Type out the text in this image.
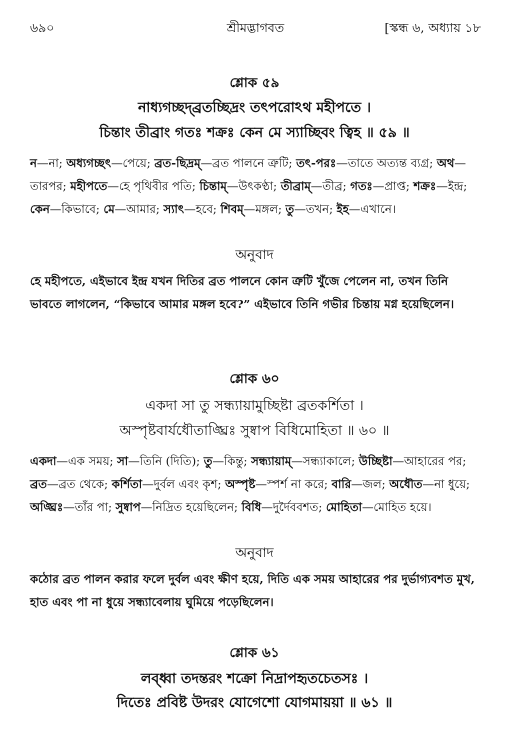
৬৯০	শ্রীমদ্ভাগবত	[স্কন্ধ ৬, অধ্যায় ১৮
শ্লোক ৫৯
নাধ্যগচ্ছদ্‌ব্রতচ্ছিদ্রং তৎপরোঽথ মহীপতে ।
চিন্তাং তীব্রাং গতঃ শক্রঃ কেন মে স্যাচ্ছিবং ত্বিহ ॥ ৫৯ ॥

ন—না; অধ্যগচ্ছৎ—পেয়ে; ব্রত-ছিদ্রম্‌—ব্রত পালনে ত্রুটি; তৎ-পরঃ—তাতে অত্যন্ত ব্যগ্র; অথ—তারপর; মহীপতে—হে পৃথিবীর পতি; চিন্তাম্‌—উৎকণ্ঠা; তীব্রাম্‌—তীব্র; গতঃ—প্রাপ্ত; শক্রঃ—ইন্দ্র; কেন—কিভাবে; মে—আমার; স্যাৎ—হবে; শিবম্‌—মঙ্গল; তু—তখন; ইহ—এখানে।

অনুবাদ

হে মহীপতে, এইভাবে ইন্দ্র যখন দিতির ব্রত পালনে কোন ত্রুটি খুঁজে পেলেন না, তখন তিনি ভাবতে লাগলেন, “কিভাবে আমার মঙ্গল হবে?” এইভাবে তিনি গভীর চিন্তায় মগ্ন হয়েছিলেন।

শ্লোক ৬০
একদা সা তু সন্ধ্যায়ামুচ্ছিষ্টা ব্রতকর্শিতা ।
অস্পৃষ্টবার্যধৌতাঙ্ঘ্রিঃ সুষ্বাপ বিধিমোহিতা ॥ ৬০ ॥

একদা—এক সময়; সা—তিনি (দিতি); তু—কিন্তু; সন্ধ্যায়াম্‌—সন্ধ্যাকালে; উচ্ছিষ্টা—আহারের পর; ব্রত—ব্রত থেকে; কর্শিতা—দুর্বল এবং কৃশ; অস্পৃষ্ট—স্পর্শ না করে; বারি—জল; অধৌত—না ধুয়ে; অঙ্ঘ্রিঃ—তাঁর পা; সুষ্বাপ—নিদ্রিত হয়েছিলেন; বিধি—দুর্দৈববশত; মোহিতা—মোহিত হয়ে।

অনুবাদ

কঠোর ব্রত পালন করার ফলে দুর্বল এবং ক্ষীণ হয়ে, দিতি এক সময় আহারের পর দুর্ভাগ্যবশত মুখ, হাত এবং পা না ধুয়ে সন্ধ্যাবেলায় ঘুমিয়ে পড়েছিলেন।

শ্লোক ৬১
লব্ধ্বা তদন্তরং শক্রো নিদ্রাপহৃতচেতসঃ ।
দিতেঃ প্রবিষ্ট উদরং যোগেশো যোগমায়য়া ॥ ৬১ ॥
